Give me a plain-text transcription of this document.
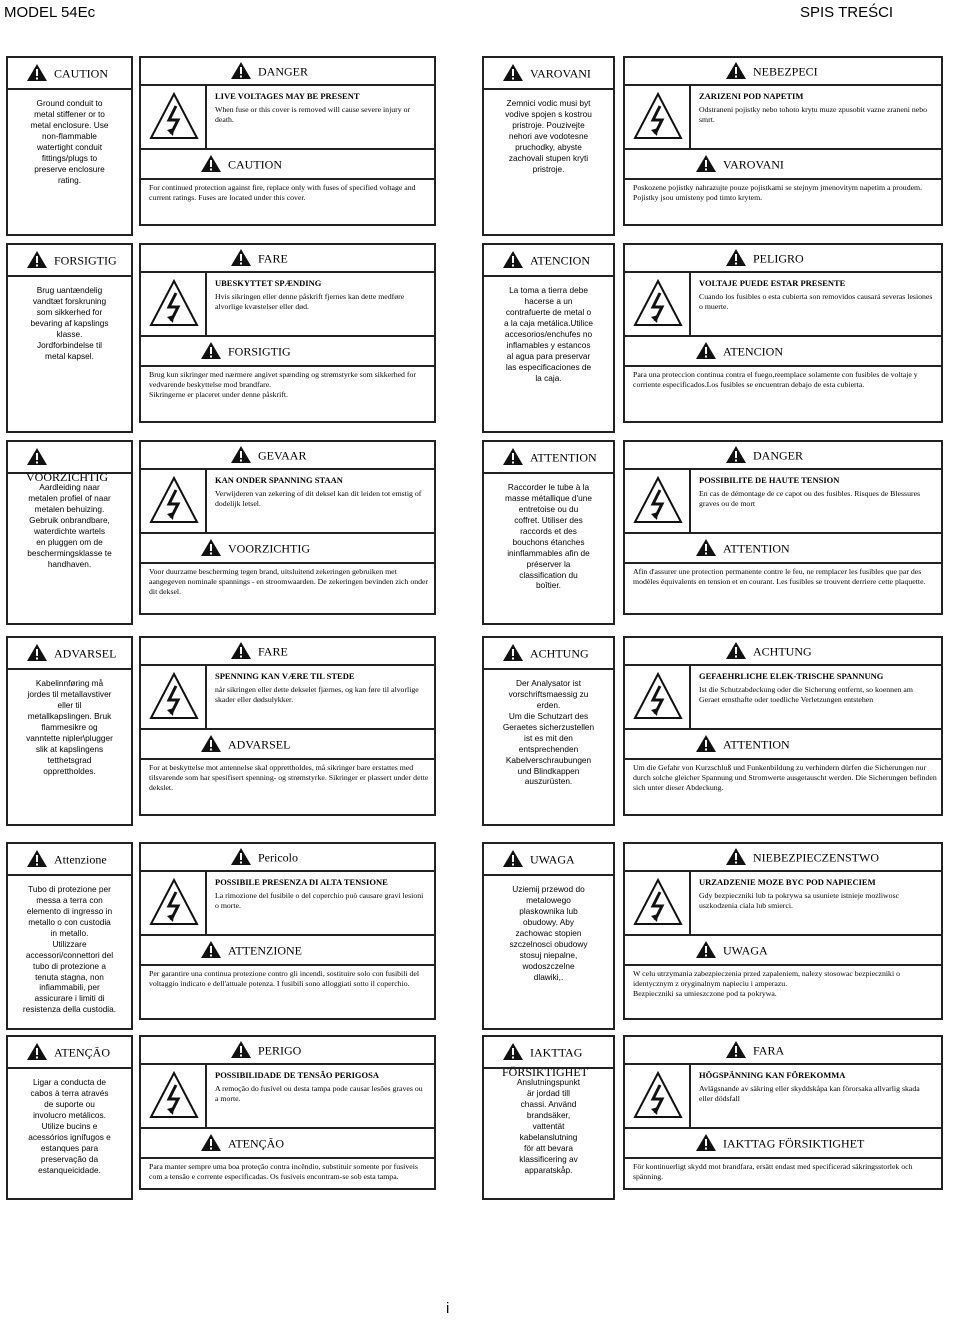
MODEL 54Ec	SPIS TREŚCI
CAUTION
Ground conduit to
metal stiffener or to
metal enclosure. Use
non-flammable
watertight conduit
fittings/plugs to
preserve enclosure
rating.
DANGER
LIVE VOLTAGES MAY BE PRESENT
When fuse or this cover is removed will cause severe injury or death.
CAUTION
For continued protection against fire, replace only with fuses of specified voltage and current ratings. Fuses are located under this cover.
VAROVANI
Zemnici vodic musi byt
vodive spojen s kostrou
pristroje. Pouzivejte
nehori ave vodotesne
pruchodky, abyste
zachovali stupen kryti
pristroje.
NEBEZPECI
ZARIZENI POD NAPETIM
Odstraneni pojistky nebo tohoto krytu muze zpusobit vazne zraneni nebo smrt.
VAROVANI
Poskozene pojistky nahrazujte pouze pojistkami se stejnym jmenovitym napetim a proudem. Pojistky jsou umisteny pod timto krytem.
FORSIGTIG
Brug uantændelig
vandtæt forskruning
som sikkerhed for
bevaring af kapslings
klasse.
Jordforbindelse til
metal kapsel.
FARE
UBESKYTTET SPÆNDING
Hvis sikringen eller denne påskrift fjernes kan dette medføre alvorlige kvæstelser eller død.
FORSIGTIG
Brug kun sikringer med nærmere angivet spænding og strømstyrke som sikkerhed for vedvarende beskyttelse mod brandfare.
Sikringerne er placeret under denne påskrift.
ATENCION
La toma a tierra debe
hacerse a un
contrafuerte de metal o
a la caja metálica.Utilice
accesorios/enchufes no
inflamables y estancos
al agua para preservar
las especificaciones de
la caja.
PELIGRO
VOLTAJE PUEDE ESTAR PRESENTE
Cuando los fusibles o esta cubierta son removidos causará severas lesiones o muerte.
ATENCION
Para una proteccion continua contra el fuego,reemplace solamente con fusibles de voltaje y corriente especificados.Los fusibles se encuentran debajo de esta cubierta.
VOORZICHTIG
Aardleiding naar
metalen profiel of naar
metalen behuizing.
Gebruik onbrandbare,
waterdichte wartels
en pluggen om de
beschermingsklasse te
handhaven.
GEVAAR
KAN ONDER SPANNING STAAN
Verwijderen van zekering of dit deksel kan dit leiden tot emstig of dodelijk letsel.
VOORZICHTIG
Voor duurzame bescherming tegen brand, uitsluitend zekeringen gebruiken met aangegeven nominale spannings - en stroomwaarden. De zekeringen bevinden zich onder dit deksel.
ATTENTION
Raccorder le tube à la
masse métallique d'une
entretoise ou du
coffret. Utiliser des
raccords et des
bouchons étanches
ininflammables afin de
préserver la
classification du
boîtier.
DANGER
POSSIBILITE DE HAUTE TENSION
En cas de démontage de ce capot ou des fusibles. Risques de Blessures graves ou de mort
ATTENTION
Afin d'assurer une protection permanente contre le feu, ne remplacer les fusibles que par des modèles équivalents en tension et en courant. Les fusibles se trouvent derriere cette plaquette.
ADVARSEL
Kabelinnføring må
jordes til metallavstiver
eller til
metallkapslingen. Bruk
flammesikre og
vanntette nipler\plugger
slik at kapslingens
tetthetsgrad
opprettholdes.
FARE
SPENNING KAN VÆRE TIL STEDE
når sikringen eller dette dekselet fjærnes, og kan føre til alvorlige skader eller dødsulykker.
ADVARSEL
For at beskyttelse mot antennelse skal opprettholdes, må sikringer bare erstattes med tilsvarende som har spesifisert spenning- og strømstyrke. Sikringer er plassert under dette dekslet.
ACHTUNG
Der Analysator ist
vorschriftsmaessig zu
erden.
Um die Schutzart des
Geraetes sicherzustellen
ist es mit den
entsprechenden
Kabelverschraubungen
und Blindkappen
auszurüsten.
ACHTUNG
GEFAEHRLICHE ELEK-TRISCHE SPANNUNG
Ist die Schutzabdeckung oder die Sicherung entfernt, so koennen am Geraet ernsthafte oder toedliche Verletzungen entstehen
ATTENTION
Um die Gefahr von Kurzschluß und Funkenbildung zu verhindern dürfen die Sicherungen nur durch solche gleicher Spannung und Stromwerte ausgetauscht werden. Die Sicherungen befinden sich unter dieser Abdeckung.
Attenzione
Tubo di protezione per
messa a terra con
elemento di ingresso in
metallo o con custodia
in metallo.
Utilizzare
accessori/connettori del
tubo di protezione a
tenuta stagna, non
infiammabili, per
assicurare i limiti di
resistenza della custodia.
Pericolo
POSSIBILE PRESENZA DI ALTA TENSIONE
La rimozione del fusibile o del coperchio può causare gravi lesioni o morte.
ATTENZIONE
Per garantire una continua protezione contro gli incendi, sostituire solo con fusibili del voltaggio indicato e dell'attuale potenza. I fusibili sono alloggiati sotto il coperchio.
UWAGA
Uziemij przewod do
metalowego
plaskownika lub
obudowy. Aby
zachowac stopien
szczelnosci obudowy
stosuj niepalne,
wodoszczelne
dlawiki,.
NIEBEZPIECZENSTWO
URZADZENIE MOZE BYC POD NAPIECIEM
Gdy bezpieczniki lub ta pokrywa sa usuniete istnieje mozliwosc uszkodzenia ciala lub smierci.
UWAGA
W celu utrzymania zabezpieczenia przed zapaleniem, nalezy stosowac bezpieczniki o identycznym z oryginalnym napieciu i amperazu.
Bezpieczniki sa umieszczone pod ta pokrywa.
ATENÇÃO
Ligar a conducta de
cabos à terra através
de suporte ou
involucro metálicos.
Utilize bucins e
acessórios ignífugos e
estanques para
preservação da
estanqueicidade.
PERIGO
POSSIBILIDADE DE TENSÃO PERIGOSA
A remoção do fusível ou desta tampa pode causar lesões graves ou a morte.
ATENÇÃO
Para manter sempre uma boa proteção contra incêndio, substituir somente por fusíveis com a tensão e corrente especificadas. Os fusíveis encontram-se sob esta tampa.
IAKTTAG FÖRSIKTIGHET
Anslutningspunkt
är jordad till
chassi. Använd
brandsäker,
vattentät
kabelanslutning
för att bevara
klassificering av
apparatskåp.
FARA
HÖGSPÄNNING KAN FÖREKOMMA
Avlägsnande av säkring eller skyddskåpa kan förorsaka allvarlig skada eller dödsfall
IAKTTAG FÖRSIKTIGHET
För kontinuerligt skydd mot brandfara, ersätt endast med specificerad säkringsstorlek och spänning.
i
